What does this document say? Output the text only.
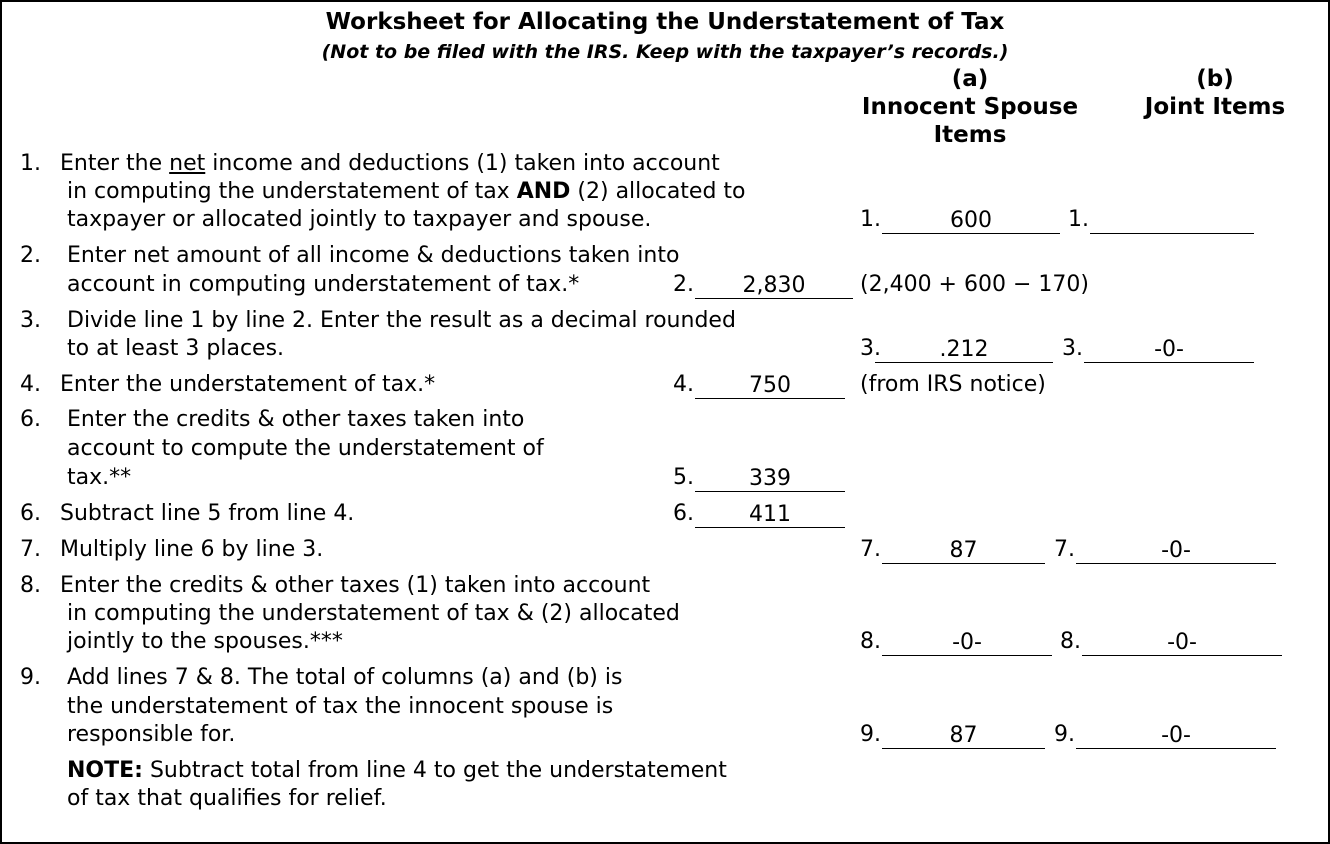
Worksheet for Allocating the Understatement of Tax
(Not to be filed with the IRS. Keep with the taxpayer’s records.)
(a)
Innocent Spouse
Items
(b)
Joint Items
1. Enter the net income and deductions (1) taken into account
in computing the understatement of tax AND (2) allocated to
taxpayer or allocated jointly to taxpayer and spouse.	1.	600	1.
2. Enter net amount of all income & deductions taken into
account in computing understatement of tax.*	2.	2,830	(2,400 + 600 − 170)
3. Divide line 1 by line 2. Enter the result as a decimal rounded
to at least 3 places.	3.	.212	3.	-0-
4. Enter the understatement of tax.*	4.	750	(from IRS notice)
6. Enter the credits & other taxes taken into
account to compute the understatement of
tax.**	5.	339
6. Subtract line 5 from line 4.	6.	411
7. Multiply line 6 by line 3.	7.	87	7.	-0-
8. Enter the credits & other taxes (1) taken into account
in computing the understatement of tax & (2) allocated
jointly to the spouses.***	8.	-0-	8.	-0-
9. Add lines 7 & 8. The total of columns (a) and (b) is
the understatement of tax the innocent spouse is
responsible for.	9.	87	9.	-0-
NOTE: Subtract total from line 4 to get the understatement
of tax that qualifies for relief.
